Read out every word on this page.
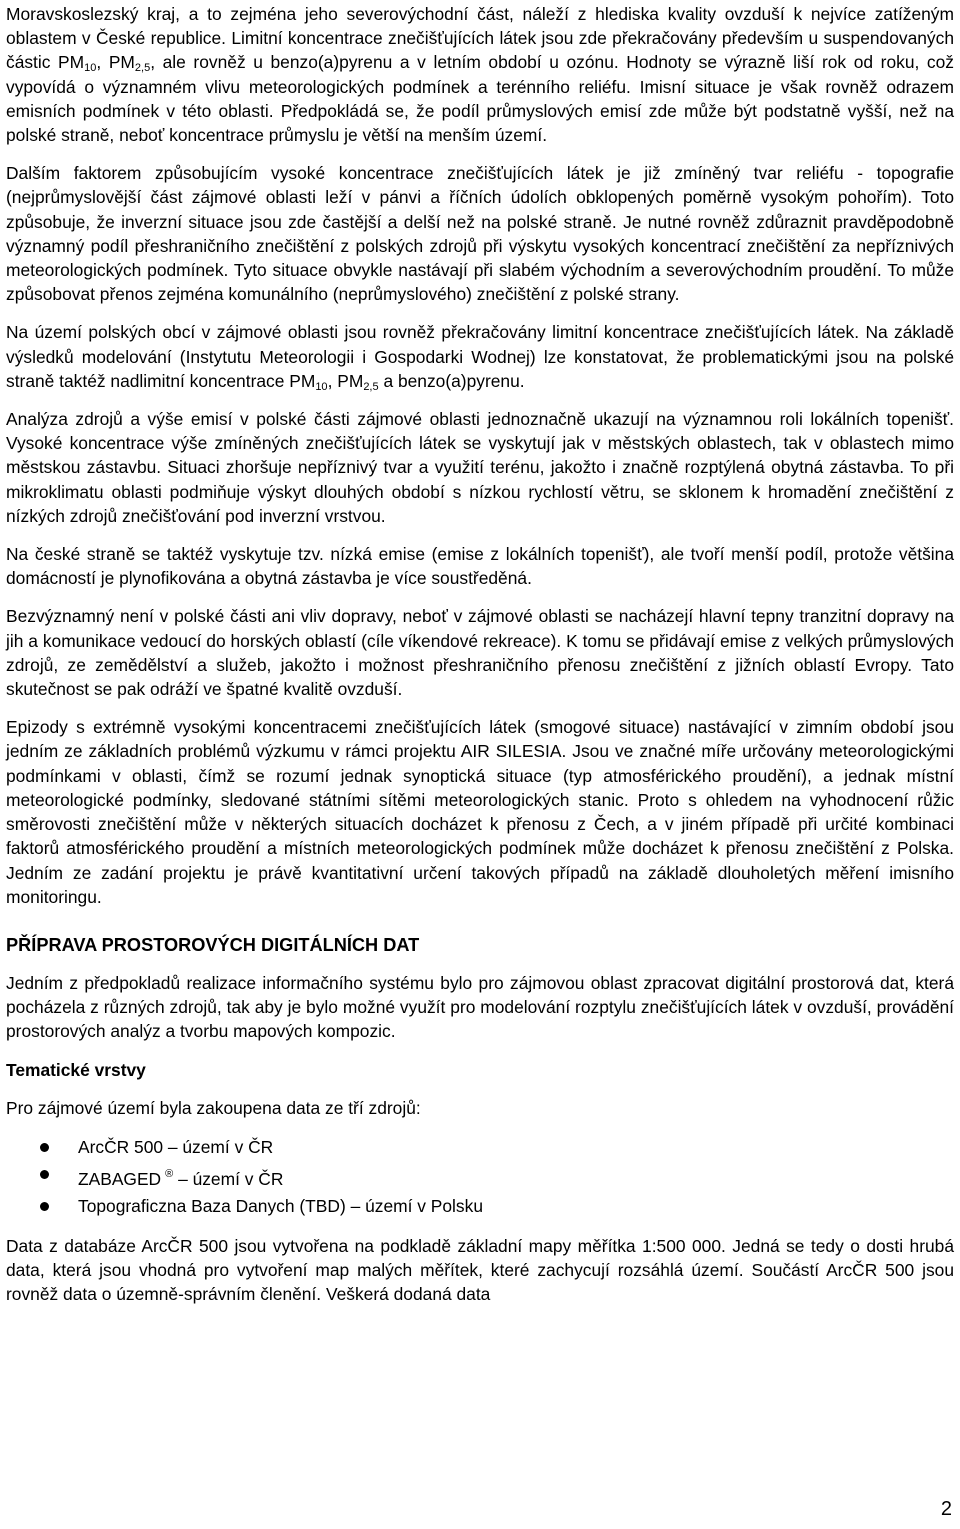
Moravskoslezský kraj, a to zejména jeho severovýchodní část, náleží z hlediska kvality ovzduší k nejvíce zatíženým oblastem v České republice. Limitní koncentrace znečišťujících látek jsou zde překračovány především u suspendovaných částic $PM_{10}$, $PM_{2,5}$, ale rovněž u benzo(a)pyrenu a v letním období u ozónu. Hodnoty se výrazně liší rok od roku, což vypovídá o významném vlivu meteorologických podmínek a terénního reliéfu. Imisní situace je však rovněž odrazem emisních podmínek v této oblasti. Předpokládá se, že podíl průmyslových emisí zde může být podstatně vyšší, než na polské straně, neboť koncentrace průmyslu je větší na menším území.

Dalším faktorem způsobujícím vysoké koncentrace znečišťujících látek je již zmíněný tvar reliéfu - topografie (nejprůmyslovější část zájmové oblasti leží v pánvi a říčních údolích obklopených poměrně vysokým pohořím). Toto způsobuje, že inverzní situace jsou zde častější a delší než na polské straně. Je nutné rovněž zdůraznit pravděpodobně významný podíl přeshraničního znečištění z polských zdrojů při výskytu vysokých koncentrací znečištění za nepříznivých meteorologických podmínek. Tyto situace obvykle nastávají při slabém východním a severovýchodním proudění. To může způsobovat přenos zejména komunálního (neprůmyslového) znečištění z polské strany.

Na území polských obcí v zájmové oblasti jsou rovněž překračovány limitní koncentrace znečišťujících látek. Na základě výsledků modelování (Instytutu Meteorologii i Gospodarki Wodnej) lze konstatovat, že problematickými jsou na polské straně taktéž nadlimitní koncentrace $PM_{10}$, $PM_{2,5}$ a benzo(a)pyrenu.

Analýza zdrojů a výše emisí v polské části zájmové oblasti jednoznačně ukazují na významnou roli lokálních topenišť. Vysoké koncentrace výše zmíněných znečišťujících látek se vyskytují jak v městských oblastech, tak v oblastech mimo městskou zástavbu. Situaci zhoršuje nepříznivý tvar a využití terénu, jakožto i značně rozptýlená obytná zástavba. To při mikroklimatu oblasti podmiňuje výskyt dlouhých období s nízkou rychlostí větru, se sklonem k hromadění znečištění z nízkých zdrojů znečišťování pod inverzní vrstvou.

Na české straně se taktéž vyskytuje tzv. nízká emise (emise z lokálních topenišť), ale tvoří menší podíl, protože většina domácností je plynofikována a obytná zástavba je více soustředěná.

Bezvýznamný není v polské části ani vliv dopravy, neboť v zájmové oblasti se nacházejí hlavní tepny tranzitní dopravy na jih a komunikace vedoucí do horských oblastí (cíle víkendové rekreace). K tomu se přidávají emise z velkých průmyslových zdrojů, ze zemědělství a služeb, jakožto i možnost přeshraničního přenosu znečištění z jižních oblastí Evropy. Tato skutečnost se pak odráží ve špatné kvalitě ovzduší.

Epizody s extrémně vysokými koncentracemi znečišťujících látek (smogové situace) nastávající v zimním období jsou jedním ze základních problémů výzkumu v rámci projektu AIR SILESIA. Jsou ve značné míře určovány meteorologickými podmínkami v oblasti, čímž se rozumí jednak synoptická situace (typ atmosférického proudění), a jednak místní meteorologické podmínky, sledované státními sítěmi meteorologických stanic. Proto s ohledem na vyhodnocení růžic směrovosti znečištění může v některých situacích docházet k přenosu z Čech, a v jiném případě při určité kombinaci faktorů atmosférického proudění a místních meteorologických podmínek může docházet k přenosu znečištění z Polska. Jedním ze zadání projektu je právě kvantitativní určení takových případů na základě dlouholetých měření imisního monitoringu.

PŘÍPRAVA PROSTOROVÝCH DIGITÁLNÍCH DAT

Jedním z předpokladů realizace informačního systému bylo pro zájmovou oblast zpracovat digitální prostorová dat, která pocházela z různých zdrojů, tak aby je bylo možné využít pro modelování rozptylu znečišťujících látek v ovzduší, provádění prostorových analýz a tvorbu mapových kompozic.

Tematické vrstvy

Pro zájmové území byla zakoupena data ze tří zdrojů:

ArcČR 500 – území v ČR
ZABAGED ® – území v ČR
Topograficzna Baza Danych (TBD) – území v Polsku

Data z databáze ArcČR 500 jsou vytvořena na podkladě základní mapy měřítka 1:500 000. Jedná se tedy o dosti hrubá data, která jsou vhodná pro vytvoření map malých měřítek, které zachycují rozsáhlá území. Součástí ArcČR 500 jsou rovněž data o územně-správním členění. Veškerá dodaná data

2
